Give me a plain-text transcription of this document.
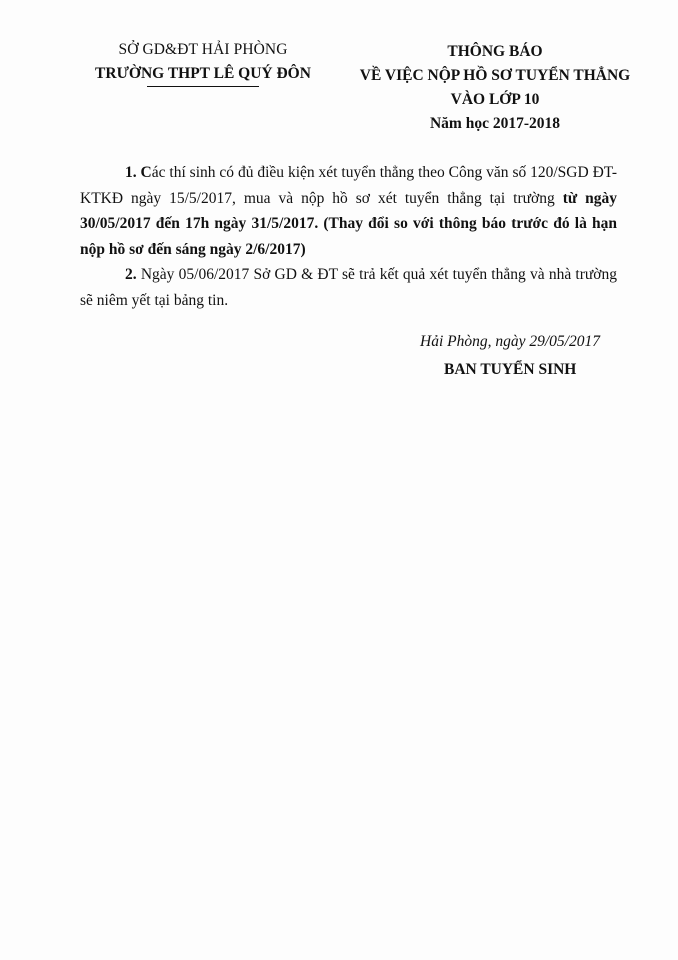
SỞ GD&ĐT HẢI PHÒNG
TRƯỜNG THPT LÊ QUÝ ĐÔN
THÔNG BÁO
VỀ VIỆC NỘP HỒ SƠ TUYỂN THẲNG
VÀO LỚP 10
Năm học 2017-2018

1. Các thí sinh có đủ điều kiện xét tuyển thẳng theo Công văn số 120/SGD ĐT-KTKĐ ngày 15/5/2017, mua và nộp hồ sơ xét tuyển thẳng tại trường từ ngày 30/05/2017 đến 17h ngày 31/5/2017. (Thay đổi so với thông báo trước đó là hạn nộp hồ sơ đến sáng ngày 2/6/2017)

2. Ngày 05/06/2017 Sở GD & ĐT sẽ trả kết quả xét tuyển thẳng và nhà trường sẽ niêm yết tại bảng tin.

Hải Phòng, ngày 29/05/2017
BAN TUYỂN SINH
